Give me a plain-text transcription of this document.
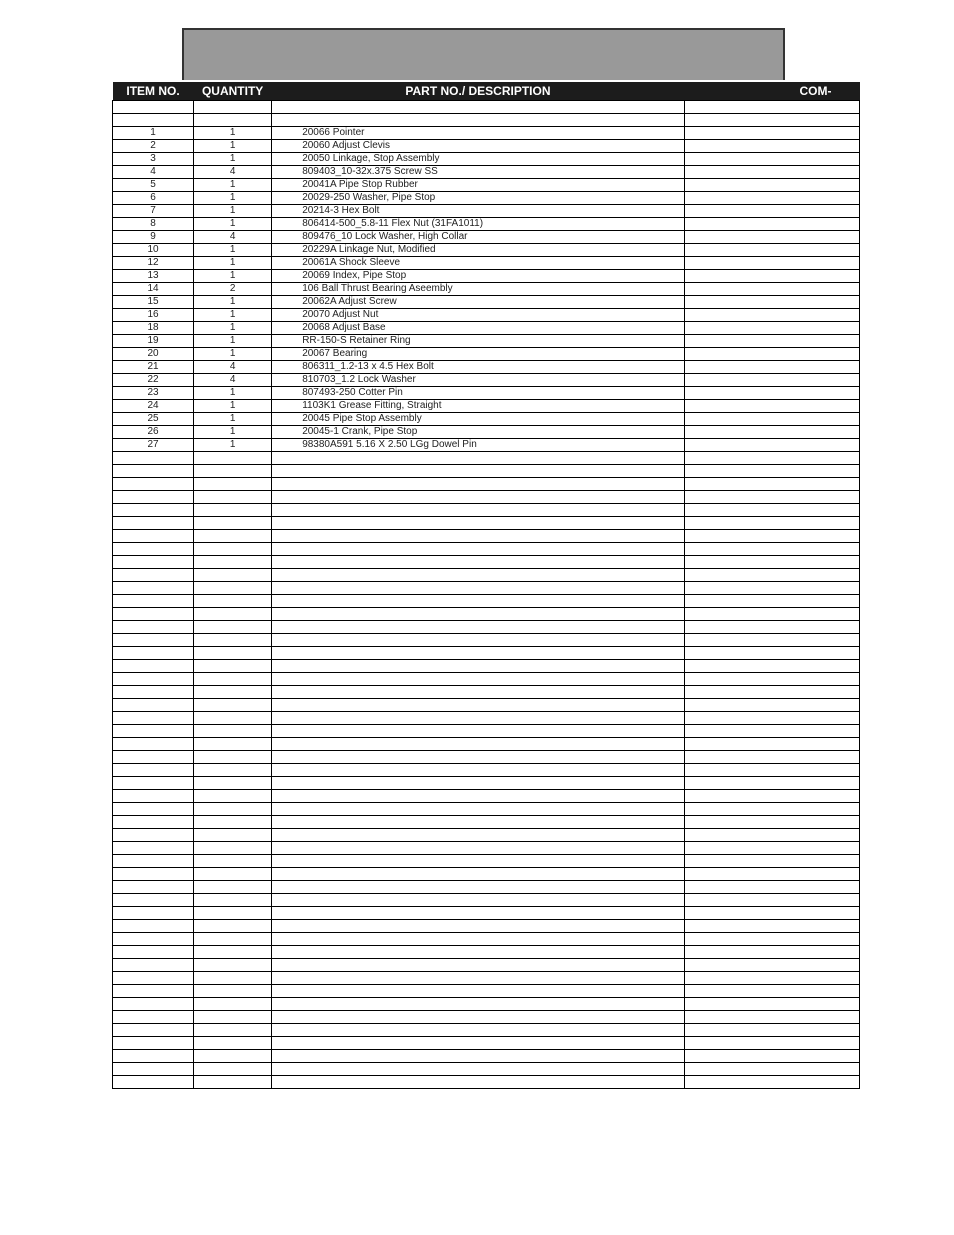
ITEM NO.	QUANTITY	PART NO./ DESCRIPTION	COM-

1	1	20066 Pointer	
2	1	20060 Adjust Clevis	
3	1	20050 Linkage, Stop Assembly	
4	4	809403_10-32x.375 Screw SS	
5	1	20041A Pipe Stop Rubber	
6	1	20029-250 Washer, Pipe Stop	
7	1	20214-3 Hex Bolt	
8	1	806414-500_5.8-11 Flex Nut (31FA1011)	
9	4	809476_10 Lock Washer, High Collar	
10	1	20229A Linkage Nut, Modified	
12	1	20061A Shock Sleeve	
13	1	20069 Index, Pipe Stop	
14	2	106 Ball Thrust Bearing Aseembly	
15	1	20062A Adjust Screw	
16	1	20070 Adjust Nut	
18	1	20068 Adjust Base	
19	1	RR-150-S Retainer Ring	
20	1	20067 Bearing	
21	4	806311_1.2-13 x 4.5 Hex Bolt	
22	4	810703_1.2 Lock Washer	
23	1	807493-250 Cotter Pin	
24	1	1103K1 Grease Fitting, Straight	
25	1	20045 Pipe Stop Assembly	
26	1	20045-1 Crank, Pipe Stop	
27	1	98380A591 5.16 X 2.50 LGg Dowel Pin	
